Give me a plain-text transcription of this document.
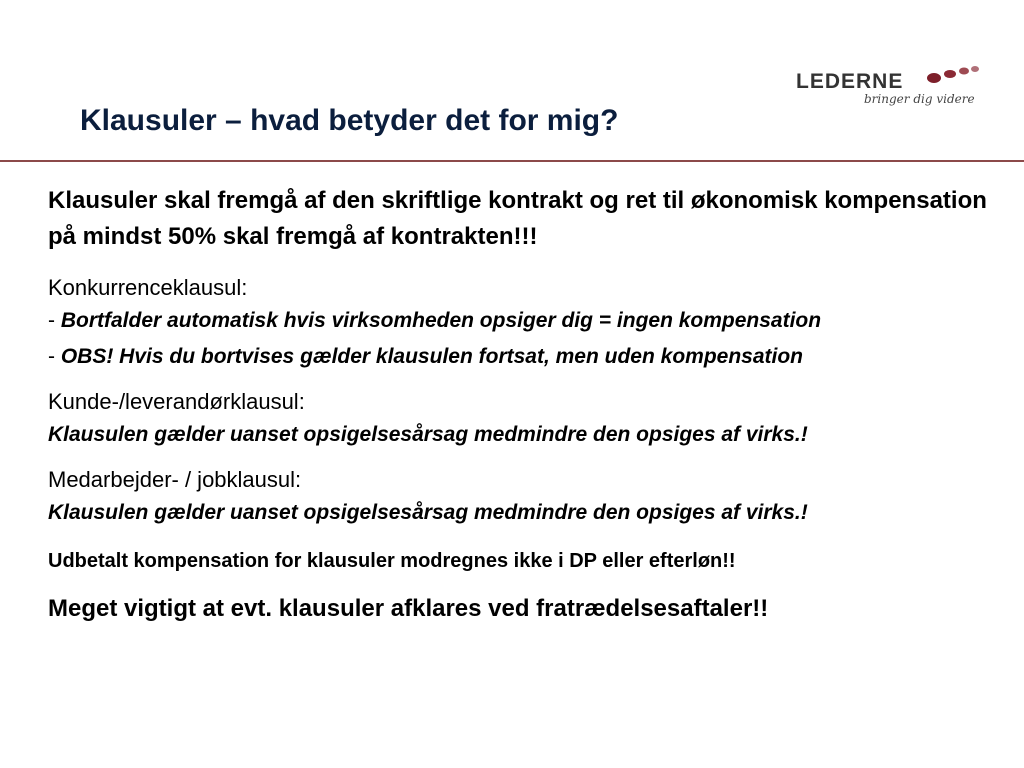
Klausuler – hvad betyder det for mig?
LEDERNE
bringer dig videre

Klausuler skal fremgå af den skriftlige kontrakt og ret til økonomisk kompensation på mindst 50% skal fremgå af kontrakten!!!

Konkurrenceklausul:

- Bortfalder automatisk hvis virksomheden opsiger dig = ingen kompensation

- OBS! Hvis du bortvises gælder klausulen fortsat, men uden kompensation

Kunde-/leverandørklausul:

Klausulen gælder uanset opsigelsesårsag medmindre den opsiges af virks.!

Medarbejder- / jobklausul:

Klausulen gælder uanset opsigelsesårsag medmindre den opsiges af virks.!

Udbetalt kompensation for klausuler modregnes ikke i DP eller efterløn!!

Meget vigtigt at evt. klausuler afklares ved fratrædelsesaftaler!!
